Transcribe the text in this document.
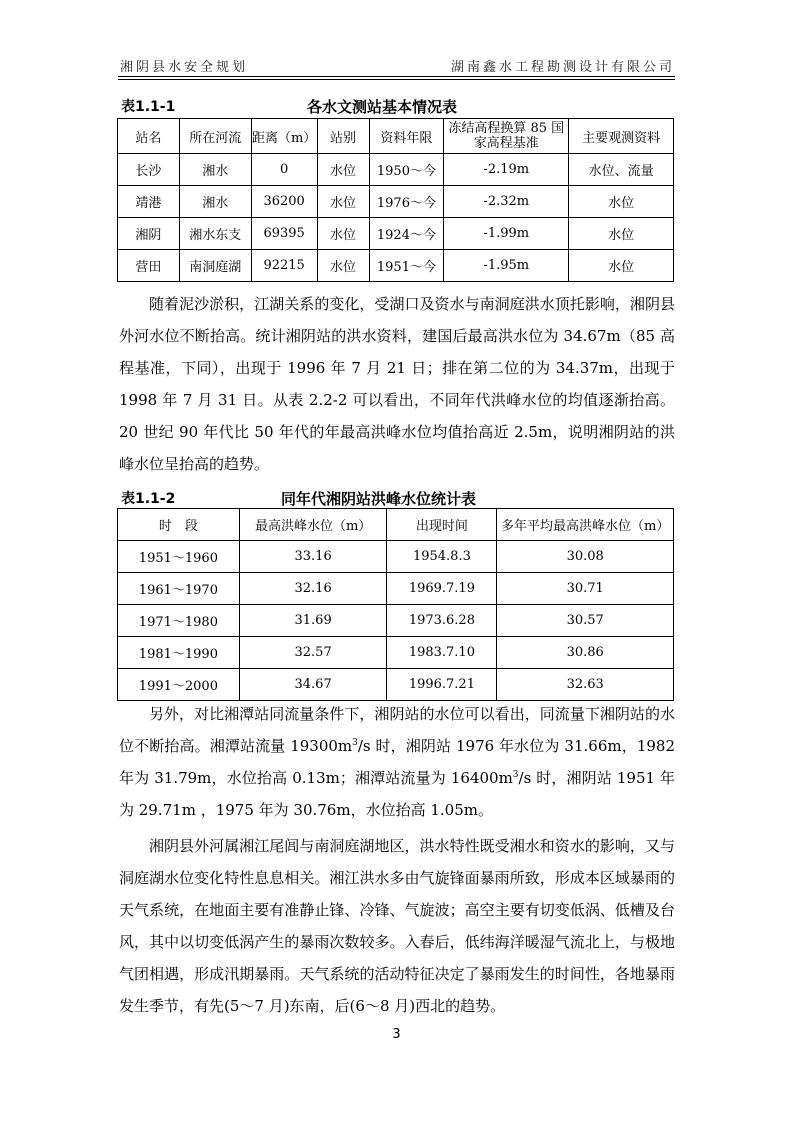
湘阴县水安全规划	湖南鑫水工程勘测设计有限公司
表1.1-1	各水文测站基本情况表
站名	所在河流	距离（m）	站别	资料年限	冻结高程换算 85 国家高程基准	主要观测资料
长沙	湘水	0	水位	1950～今	-2.19m	水位、流量
靖港	湘水	36200	水位	1976～今	-2.32m	水位
湘阴	湘水东支	69395	水位	1924～今	-1.99m	水位
营田	南洞庭湖	92215	水位	1951～今	-1.95m	水位

随着泥沙淤积，江湖关系的变化，受湖口及资水与南洞庭洪水顶托影响，湘阴县外河水位不断抬高。统计湘阴站的洪水资料，建国后最高洪水位为 34.67m（85 高程基准，下同），出现于 1996 年 7 月 21 日；排在第二位的为 34.37m，出现于 1998 年 7 月 31 日。从表 2.2-2 可以看出，不同年代洪峰水位的均值逐渐抬高。20 世纪 90 年代比 50 年代的年最高洪峰水位均值抬高近 2.5m，说明湘阴站的洪峰水位呈抬高的趋势。

表1.1-2	同年代湘阴站洪峰水位统计表
时　段	最高洪峰水位（m）	出现时间	多年平均最高洪峰水位（m）
1951～1960	33.16	1954.8.3	30.08
1961～1970	32.16	1969.7.19	30.71
1971～1980	31.69	1973.6.28	30.57
1981～1990	32.57	1983.7.10	30.86
1991～2000	34.67	1996.7.21	32.63

另外，对比湘潭站同流量条件下，湘阴站的水位可以看出，同流量下湘阴站的水位不断抬高。湘潭站流量 $19300m^3/s$ 时，湘阴站 1976 年水位为 31.66m，1982 年为 31.79m，水位抬高 0.13m；湘潭站流量为 $16400m^3/s$ 时，湘阴站 1951 年为 29.71m ，1975 年为 30.76m，水位抬高 1.05m。

湘阴县外河属湘江尾闾与南洞庭湖地区，洪水特性既受湘水和资水的影响，又与洞庭湖水位变化特性息息相关。湘江洪水多由气旋锋面暴雨所致，形成本区域暴雨的天气系统，在地面主要有准静止锋、冷锋、气旋波；高空主要有切变低涡、低槽及台风，其中以切变低涡产生的暴雨次数较多。入春后，低纬海洋暖湿气流北上，与极地气团相遇，形成汛期暴雨。天气系统的活动特征决定了暴雨发生的时间性，各地暴雨发生季节，有先(5～7 月)东南，后(6～8 月)西北的趋势。

3
